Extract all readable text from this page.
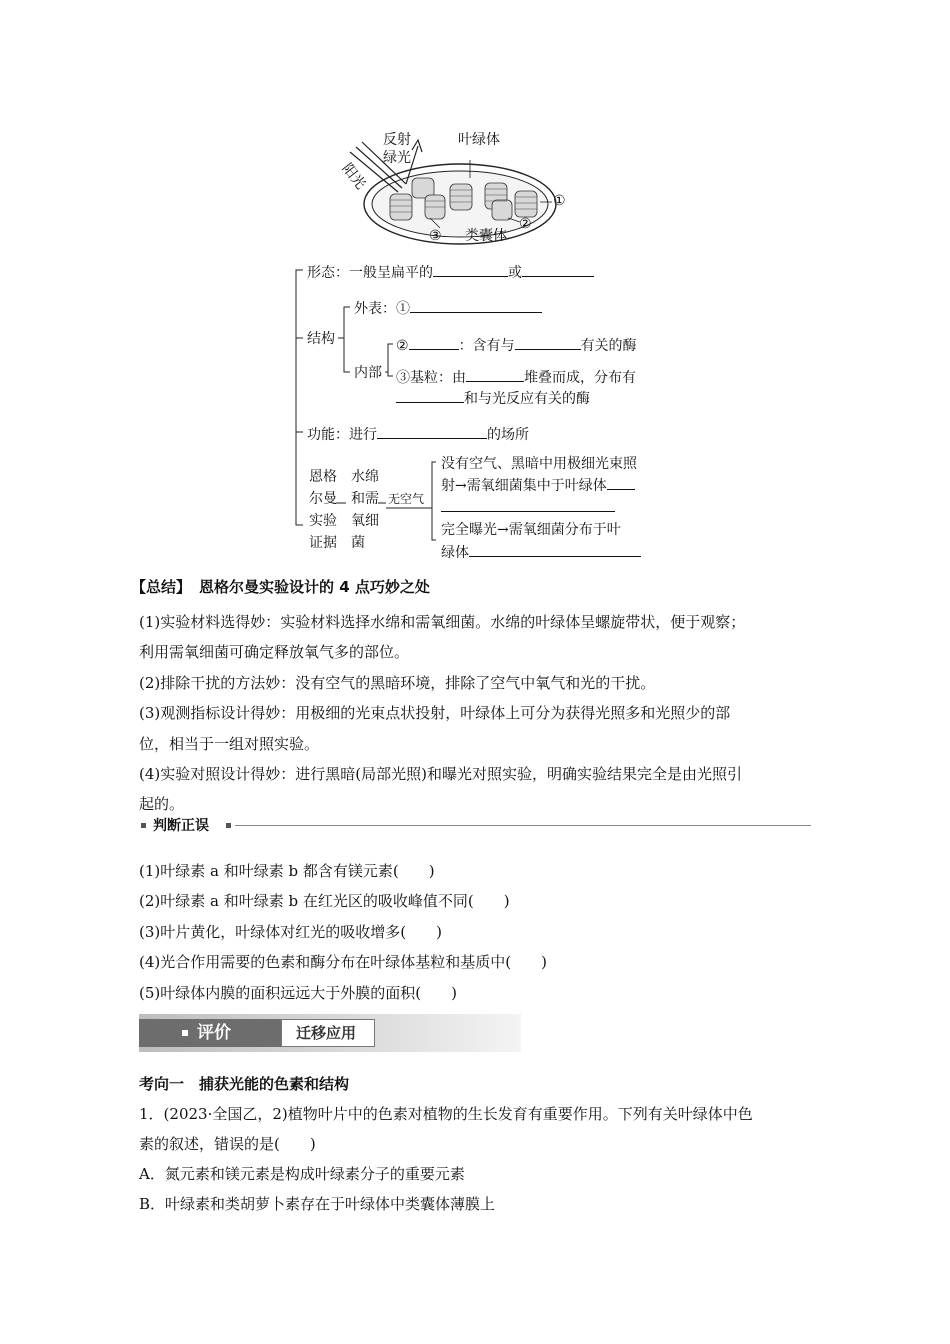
反射
绿光
阳光
叶绿体
①
②
③ 类囊体
形态：一般呈扁平的	或
结构
外表：①
内部
②	：含有与	有关的酶
③基粒：由	堆叠而成，分布有
和与光反应有关的酶
功能：进行	的场所
恩格
尔曼
实验
证据
水绵
和需
氧细
菌
无空气
没有空气、黑暗中用极细光束照
射→需氧细菌集中于叶绿体
完全曝光→需氧细菌分布于叶
绿体
【总结】 恩格尔曼实验设计的 4 点巧妙之处
(1)实验材料选得妙：实验材料选择水绵和需氧细菌。水绵的叶绿体呈螺旋带状，便于观察；
利用需氧细菌可确定释放氧气多的部位。
(2)排除干扰的方法妙：没有空气的黑暗环境，排除了空气中氧气和光的干扰。
(3)观测指标设计得妙：用极细的光束点状投射，叶绿体上可分为获得光照多和光照少的部
位，相当于一组对照实验。
(4)实验对照设计得妙：进行黑暗(局部光照)和曝光对照实验，明确实验结果完全是由光照引
起的。
判断正误
(1)叶绿素 a 和叶绿素 b 都含有镁元素(　　)
(2)叶绿素 a 和叶绿素 b 在红光区的吸收峰值不同(　　)
(3)叶片黄化，叶绿体对红光的吸收增多(　　)
(4)光合作用需要的色素和酶分布在叶绿体基粒和基质中(　　)
(5)叶绿体内膜的面积远远大于外膜的面积(　　)
评价	迁移应用
考向一　捕获光能的色素和结构
1．(2023·全国乙，2)植物叶片中的色素对植物的生长发育有重要作用。下列有关叶绿体中色
素的叙述，错误的是(　　)
A．氮元素和镁元素是构成叶绿素分子的重要元素
B．叶绿素和类胡萝卜素存在于叶绿体中类囊体薄膜上
